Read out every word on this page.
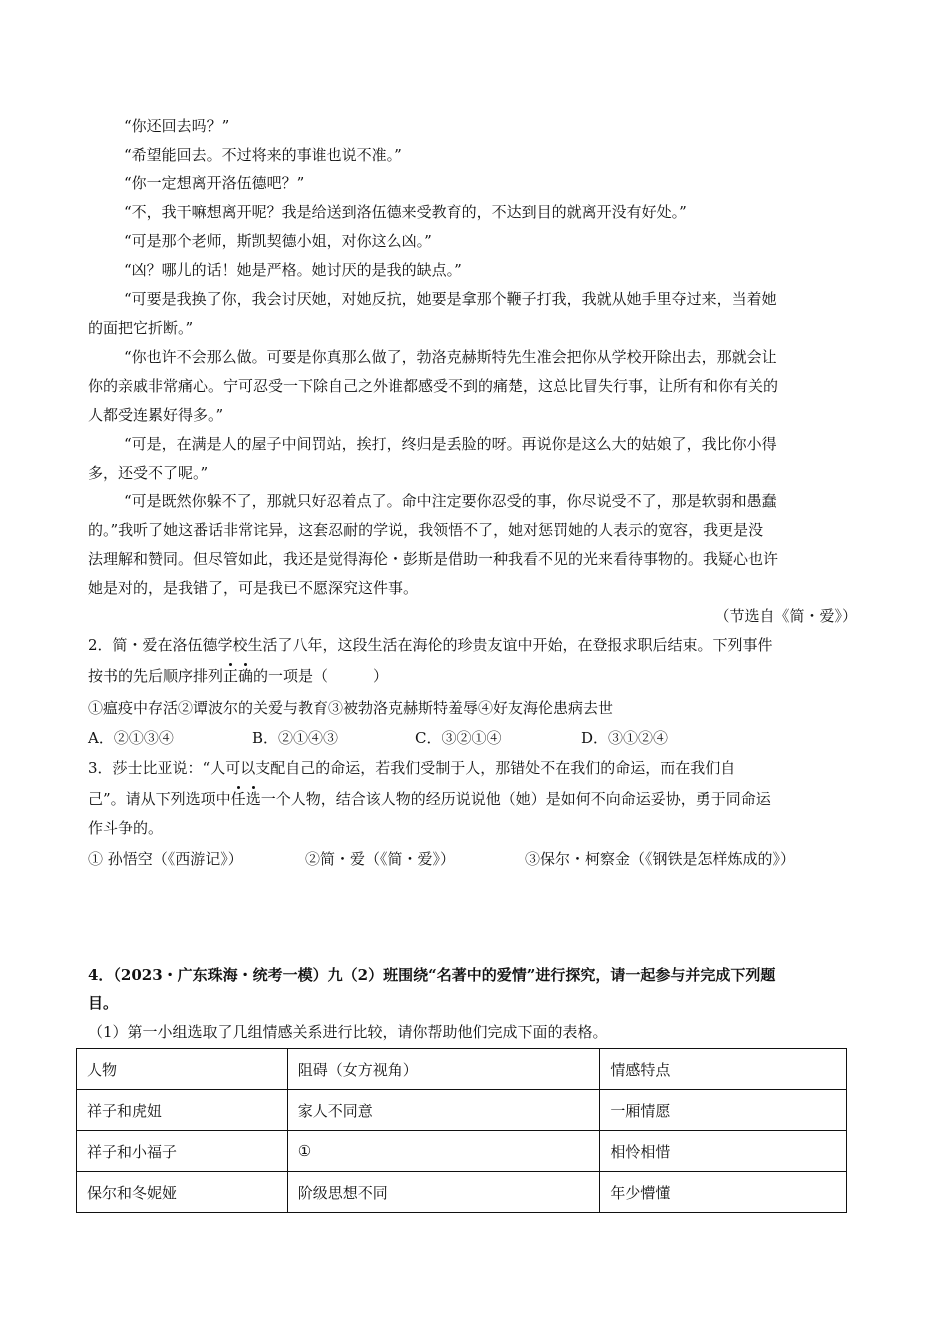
“你还回去吗？”
“希望能回去。不过将来的事谁也说不准。”
“你一定想离开洛伍德吧？”
“不，我干嘛想离开呢？我是给送到洛伍德来受教育的，不达到目的就离开没有好处。”
“可是那个老师，斯凯契德小姐，对你这么凶。”
“凶？哪儿的话！她是严格。她讨厌的是我的缺点。”
“可要是我换了你，我会讨厌她，对她反抗，她要是拿那个鞭子打我，我就从她手里夺过来，当着她
的面把它折断。”
“你也许不会那么做。可要是你真那么做了，勃洛克赫斯特先生准会把你从学校开除出去，那就会让
你的亲戚非常痛心。宁可忍受一下除自己之外谁都感受不到的痛楚，这总比冒失行事，让所有和你有关的
人都受连累好得多。”
“可是，在满是人的屋子中间罚站，挨打，终归是丢脸的呀。再说你是这么大的姑娘了，我比你小得
多，还受不了呢。”
“可是既然你躲不了，那就只好忍着点了。命中注定要你忍受的事，你尽说受不了，那是软弱和愚蠢
的。”我听了她这番话非常诧异，这套忍耐的学说，我领悟不了，她对惩罚她的人表示的宽容，我更是没
法理解和赞同。但尽管如此，我还是觉得海伦・彭斯是借助一种我看不见的光来看待事物的。我疑心也许
她是对的，是我错了，可是我已不愿深究这件事。
（节选自《简・爱》）
2．简・爱在洛伍德学校生活了八年，这段生活在海伦的珍贵友谊中开始，在登报求职后结束。下列事件
按书的先后顺序排列正确的一项是（　　　）
①瘟疫中存活②谭波尔的关爱与教育③被勃洛克赫斯特羞辱④好友海伦患病去世
A．②①③④	B．②①④③	C．③②①④	D．③①②④
3．莎士比亚说：“人可以支配自己的命运，若我们受制于人，那错处不在我们的命运，而在我们自
己”。请从下列选项中任选一个人物，结合该人物的经历说说他（她）是如何不向命运妥协，勇于同命运
作斗争的。
① 孙悟空（《西游记》）	②简・爱（《简・爱》）	③保尔・柯察金（《钢铁是怎样炼成的》）
4．（2023・广东珠海・统考一模）九（2）班围绕“名著中的爱情”进行探究，请一起参与并完成下列题
目。
（1）第一小组选取了几组情感关系进行比较，请你帮助他们完成下面的表格。
人物	阻碍（女方视角）	情感特点
祥子和虎妞	家人不同意	一厢情愿
祥子和小福子	①	相怜相惜
保尔和冬妮娅	阶级思想不同	年少懵懂
